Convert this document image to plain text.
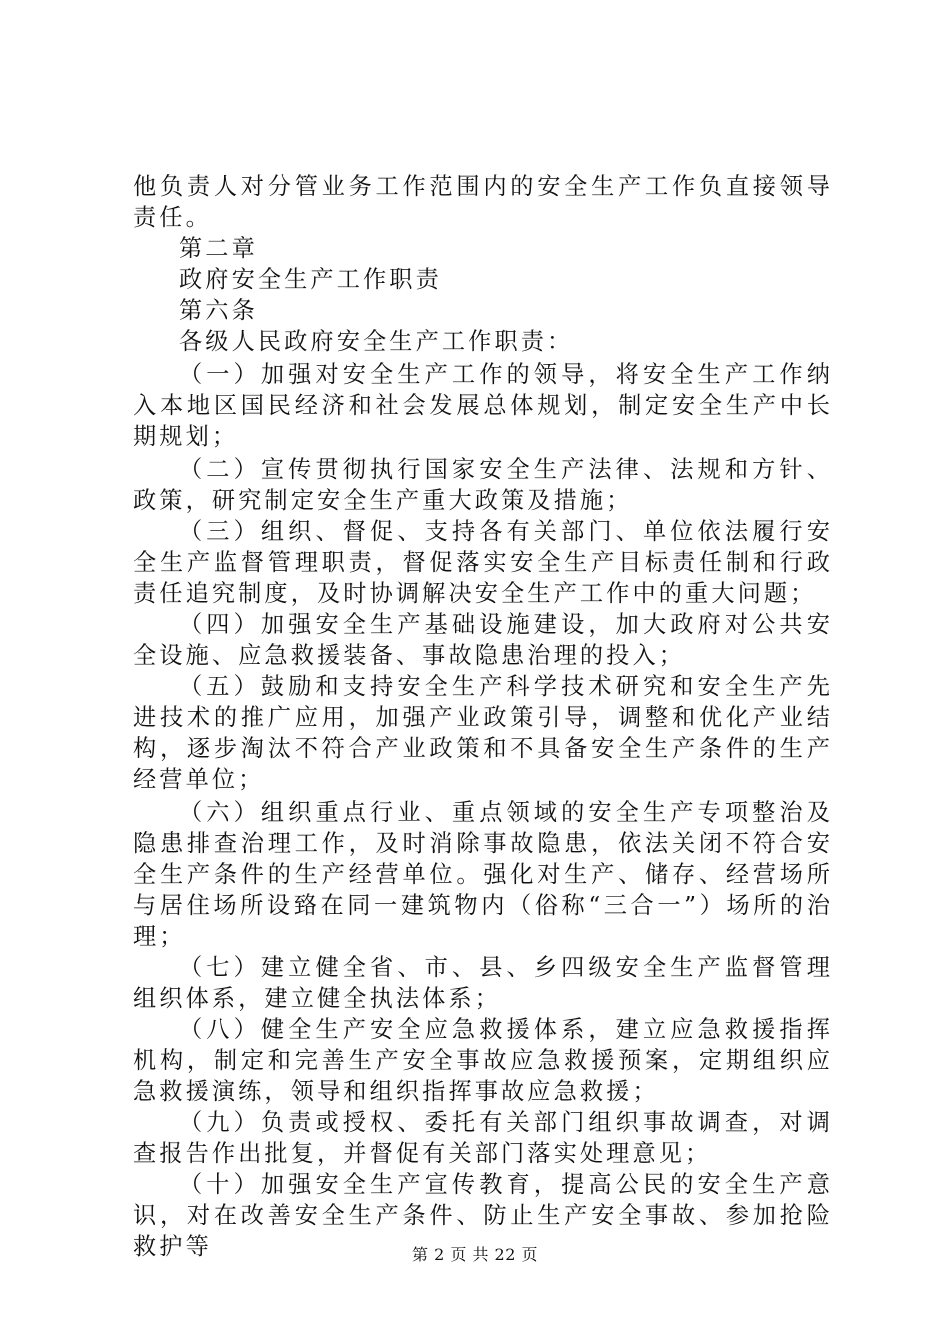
他负责人对分管业务工作范围内的安全生产工作负直接领导责任。

第二章

政府安全生产工作职责

第六条

各级人民政府安全生产工作职责：

（一）加强对安全生产工作的领导，将安全生产工作纳入本地区国民经济和社会发展总体规划，制定安全生产中长期规划；

（二）宣传贯彻执行国家安全生产法律、法规和方针、政策，研究制定安全生产重大政策及措施；

（三）组织、督促、支持各有关部门、单位依法履行安全生产监督管理职责，督促落实安全生产目标责任制和行政责任追究制度，及时协调解决安全生产工作中的重大问题；

（四）加强安全生产基础设施建设，加大政府对公共安全设施、应急救援装备、事故隐患治理的投入；

（五）鼓励和支持安全生产科学技术研究和安全生产先进技术的推广应用，加强产业政策引导，调整和优化产业结构，逐步淘汰不符合产业政策和不具备安全生产条件的生产经营单位；

（六）组织重点行业、重点领域的安全生产专项整治及隐患排查治理工作，及时消除事故隐患，依法关闭不符合安全生产条件的生产经营单位。强化对生产、储存、经营场所与居住场所设臵在同一建筑物内（俗称“三合一”）场所的治理；

（七）建立健全省、市、县、乡四级安全生产监督管理组织体系，建立健全执法体系；

（八）健全生产安全应急救援体系，建立应急救援指挥机构，制定和完善生产安全事故应急救援预案，定期组织应急救援演练，领导和组织指挥事故应急救援；

（九）负责或授权、委托有关部门组织事故调查，对调查报告作出批复，并督促有关部门落实处理意见；

（十）加强安全生产宣传教育，提高公民的安全生产意识，对在改善安全生产条件、防止生产安全事故、参加抢险救护等	第 2 页 共 22 页
